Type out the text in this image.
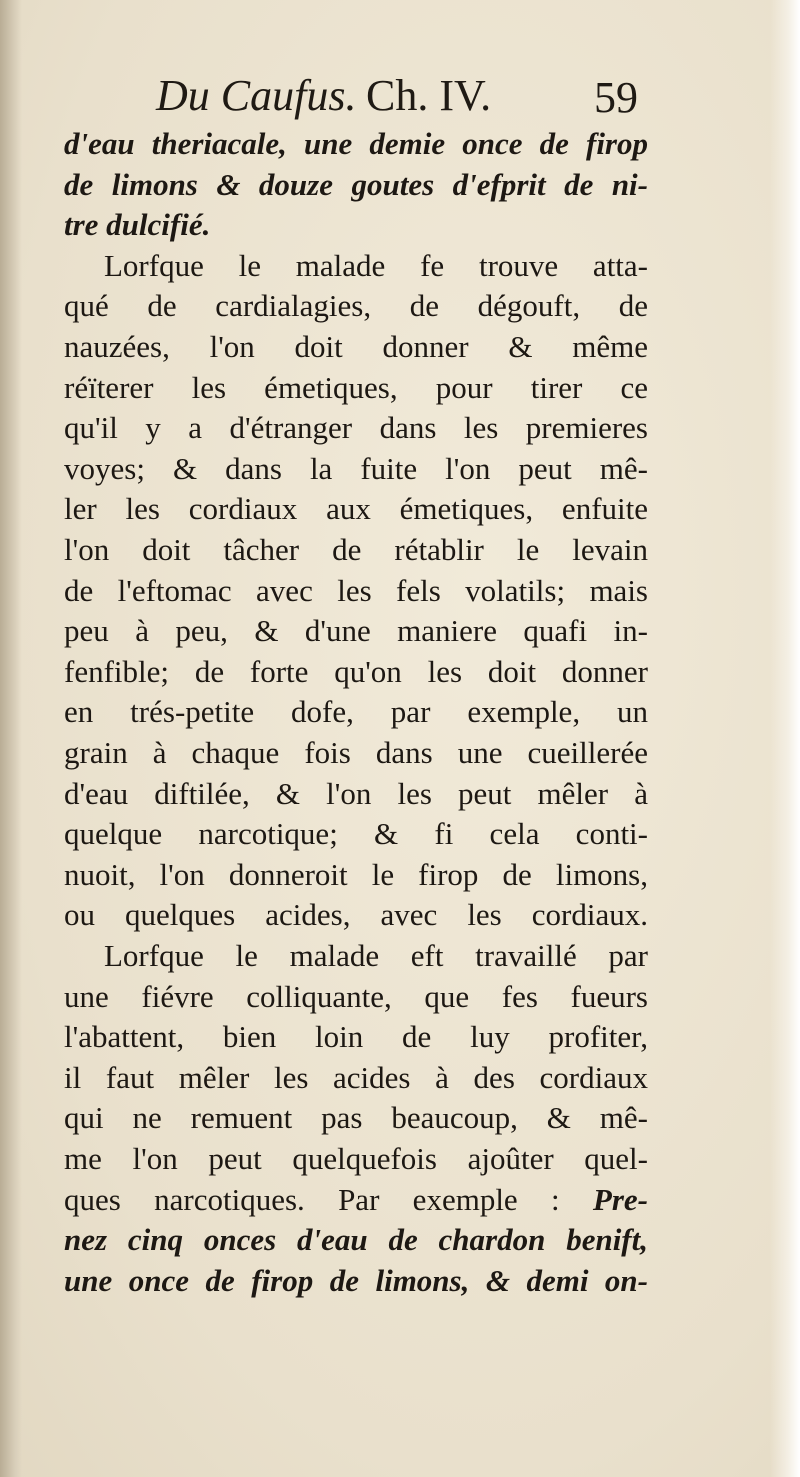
Du Caufus. Ch. IV. 59
d'eau theriacale, une demie once de firop
de limons & douze goutes d'efprit de ni-
tre dulcifié.
Lorfque le malade fe trouve atta-
qué de cardialagies, de dégouft, de
nauzées, l'on doit donner & même
réïterer les émetiques, pour tirer ce
qu'il y a d'étranger dans les premieres
voyes; & dans la fuite l'on peut mê-
ler les cordiaux aux émetiques, enfuite
l'on doit tâcher de rétablir le levain
de l'eftomac avec les fels volatils; mais
peu à peu, & d'une maniere quafi in-
fenfible; de forte qu'on les doit donner
en trés-petite dofe, par exemple, un
grain à chaque fois dans une cueillerée
d'eau diftilée, & l'on les peut mêler à
quelque narcotique; & fi cela conti-
nuoit, l'on donneroit le firop de limons,
ou quelques acides, avec les cordiaux.
Lorfque le malade eft travaillé par
une fiévre colliquante, que fes fueurs
l'abattent, bien loin de luy profiter,
il faut mêler les acides à des cordiaux
qui ne remuent pas beaucoup, & mê-
me l'on peut quelquefois ajoûter quel-
ques narcotiques. Par exemple : Pre-
nez cinq onces d'eau de chardon benift,
une once de firop de limons, & demi on-
